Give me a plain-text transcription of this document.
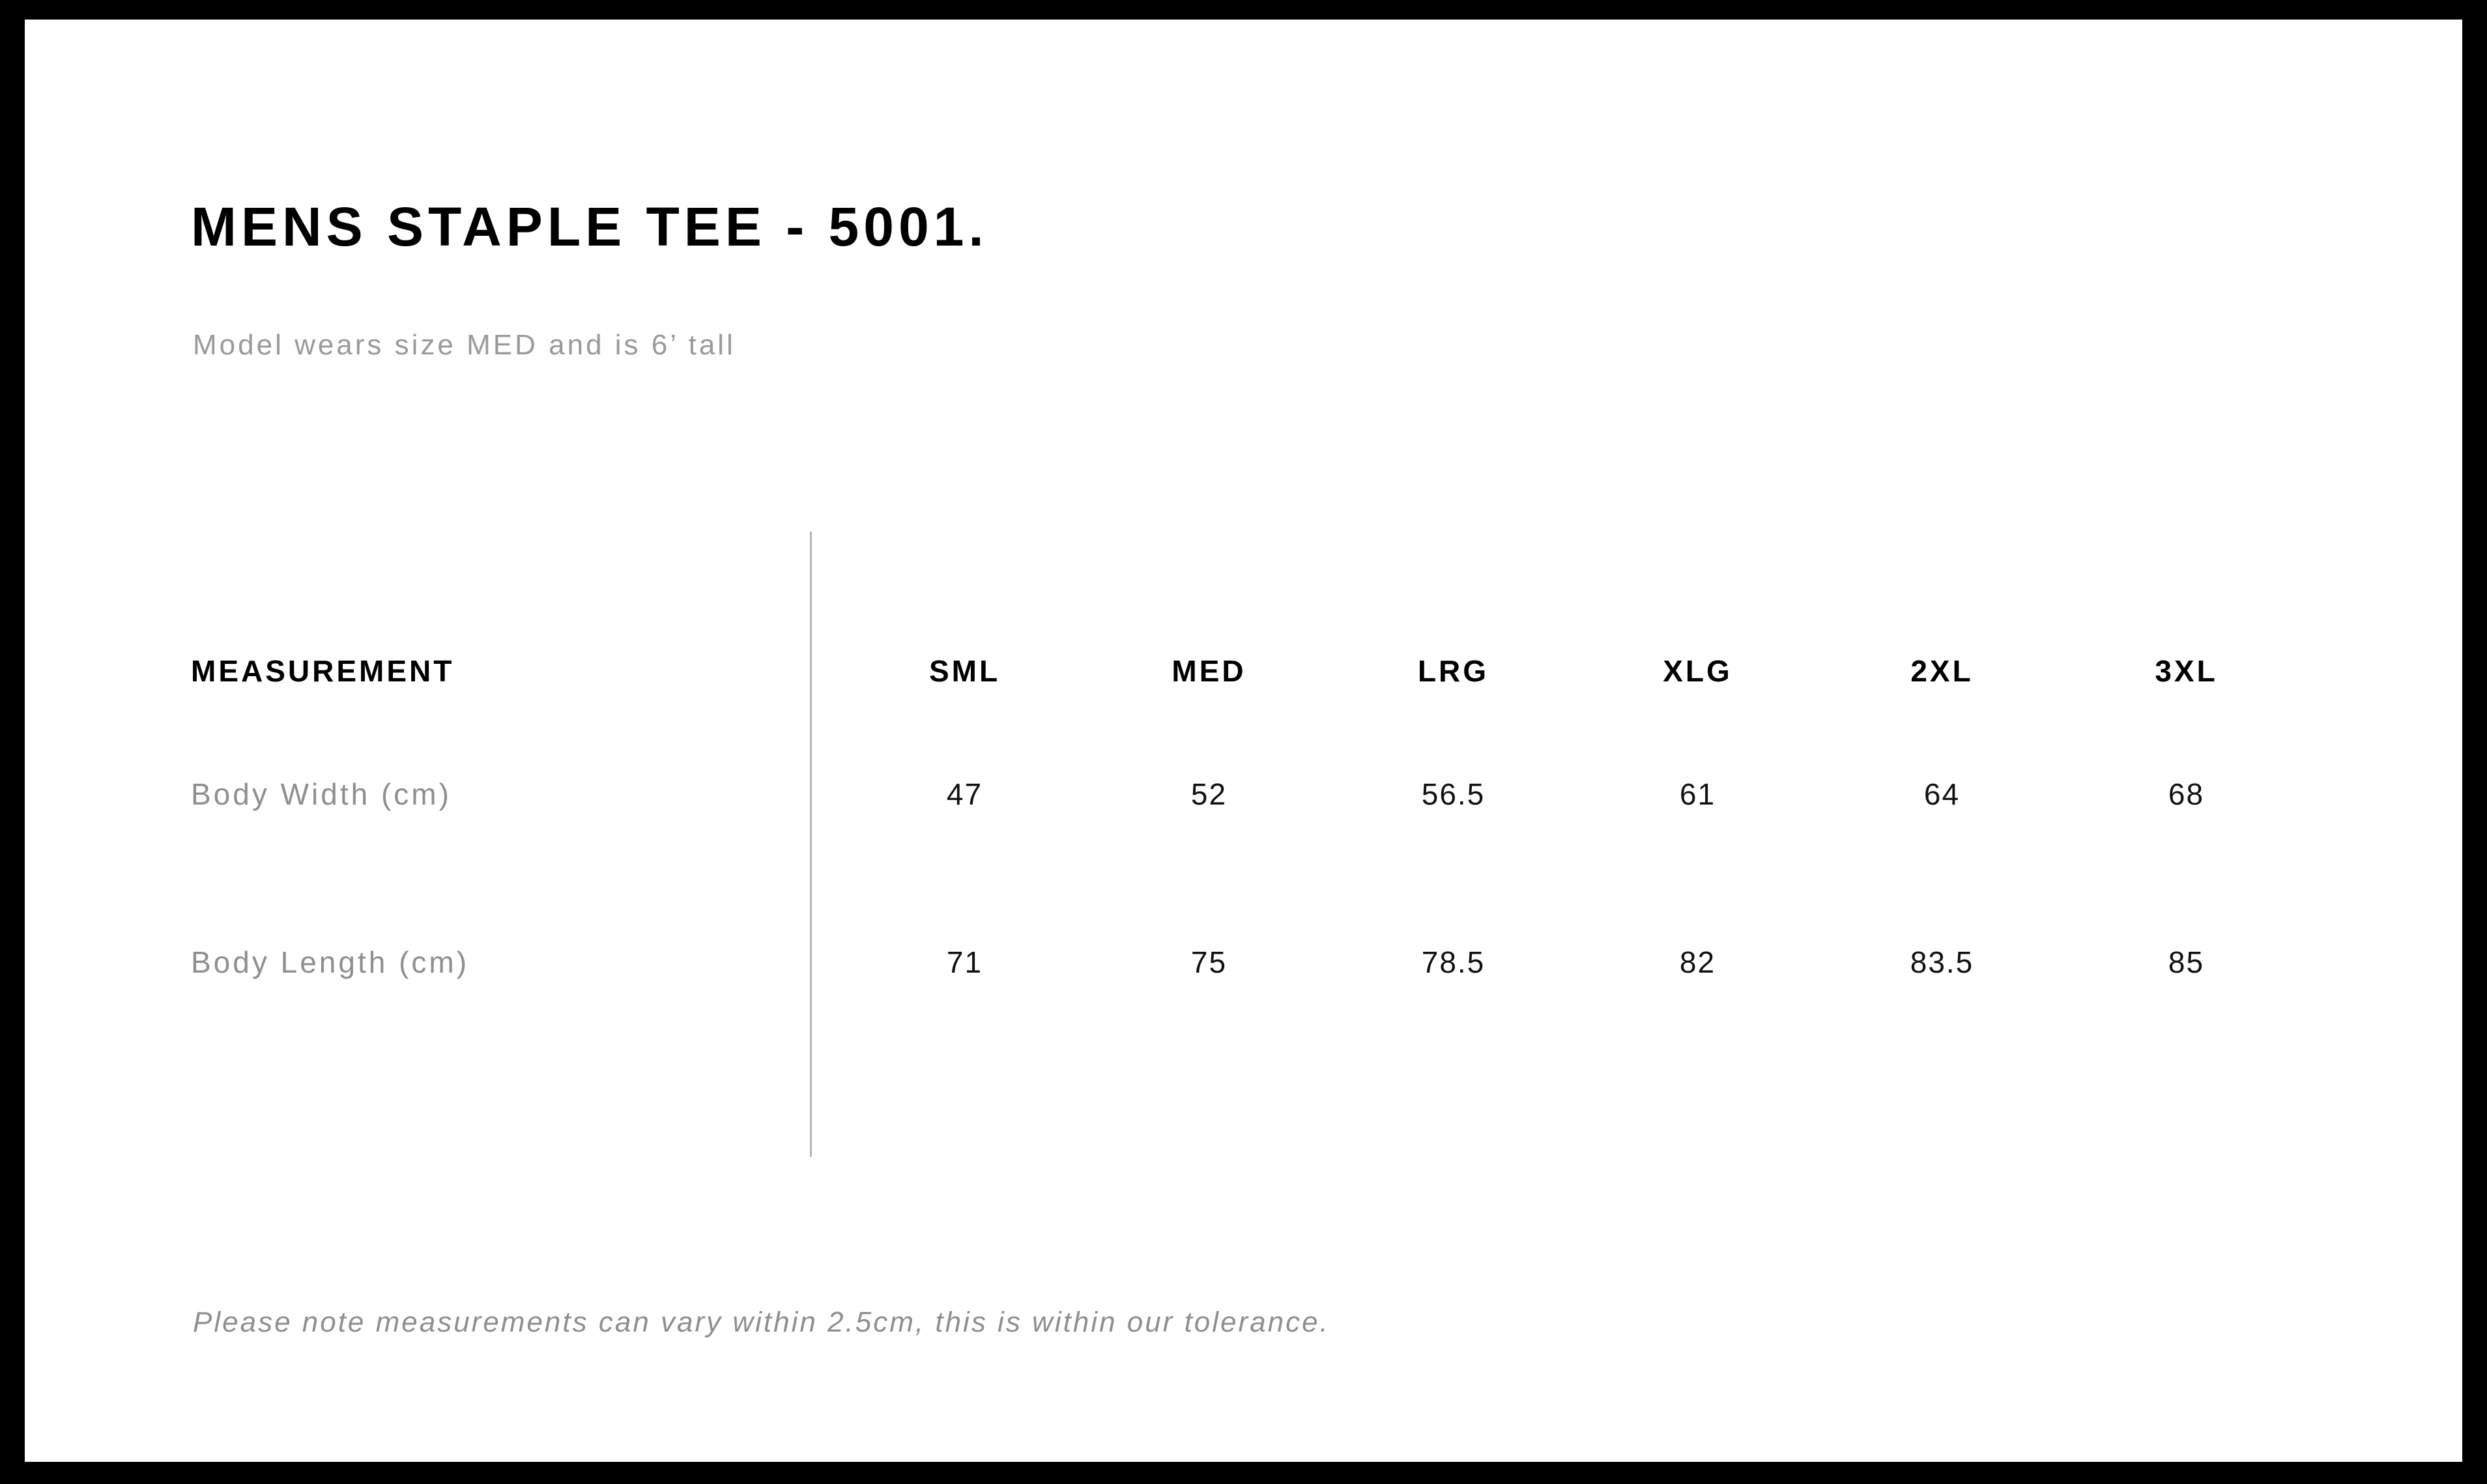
MENS STAPLE TEE - 5001.
Model wears size MED and is 6’ tall
MEASUREMENT	SML	MED	LRG	XLG	2XL	3XL
Body Width (cm)	47	52	56.5	61	64	68
Body Length (cm)	71	75	78.5	82	83.5	85
Please note measurements can vary within 2.5cm, this is within our tolerance.
